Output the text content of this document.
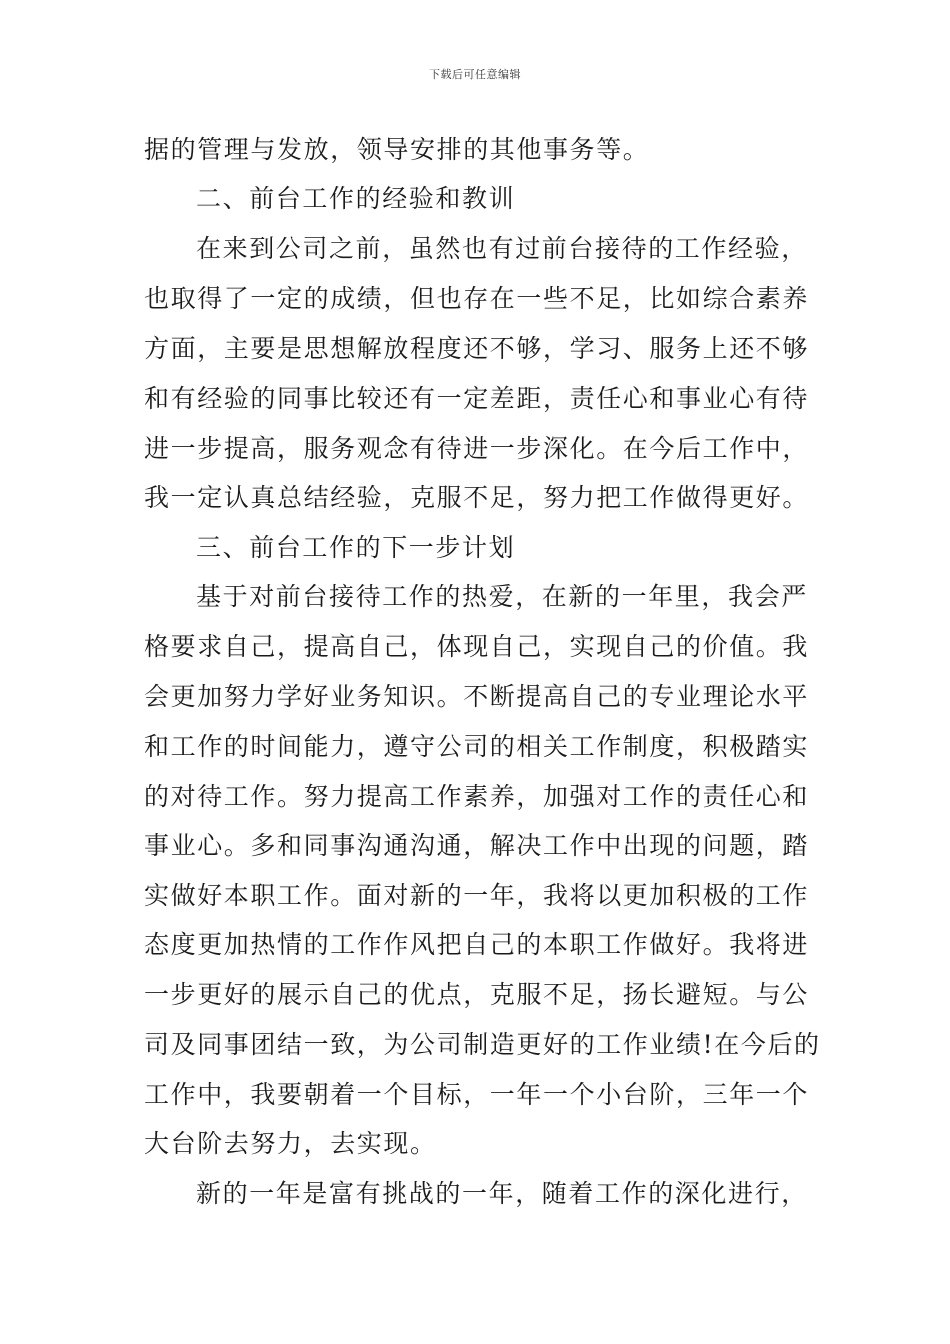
下载后可任意编辑
据的管理与发放，领导安排的其他事务等。
二、前台工作的经验和教训
在来到公司之前，虽然也有过前台接待的工作经验，
也取得了一定的成绩，但也存在一些不足，比如综合素养
方面，主要是思想解放程度还不够，学习、服务上还不够
和有经验的同事比较还有一定差距，责任心和事业心有待
进一步提高，服务观念有待进一步深化。在今后工作中，
我一定认真总结经验，克服不足，努力把工作做得更好。
三、前台工作的下一步计划
基于对前台接待工作的热爱，在新的一年里，我会严
格要求自己，提高自己，体现自己，实现自己的价值。我
会更加努力学好业务知识。不断提高自己的专业理论水平
和工作的时间能力，遵守公司的相关工作制度，积极踏实
的对待工作。努力提高工作素养，加强对工作的责任心和
事业心。多和同事沟通沟通，解决工作中出现的问题，踏
实做好本职工作。面对新的一年，我将以更加积极的工作
态度更加热情的工作作风把自己的本职工作做好。我将进
一步更好的展示自己的优点，克服不足，扬长避短。与公
司及同事团结一致，为公司制造更好的工作业绩!在今后的
工作中，我要朝着一个目标，一年一个小台阶，三年一个
大台阶去努力，去实现。
新的一年是富有挑战的一年，随着工作的深化进行，
